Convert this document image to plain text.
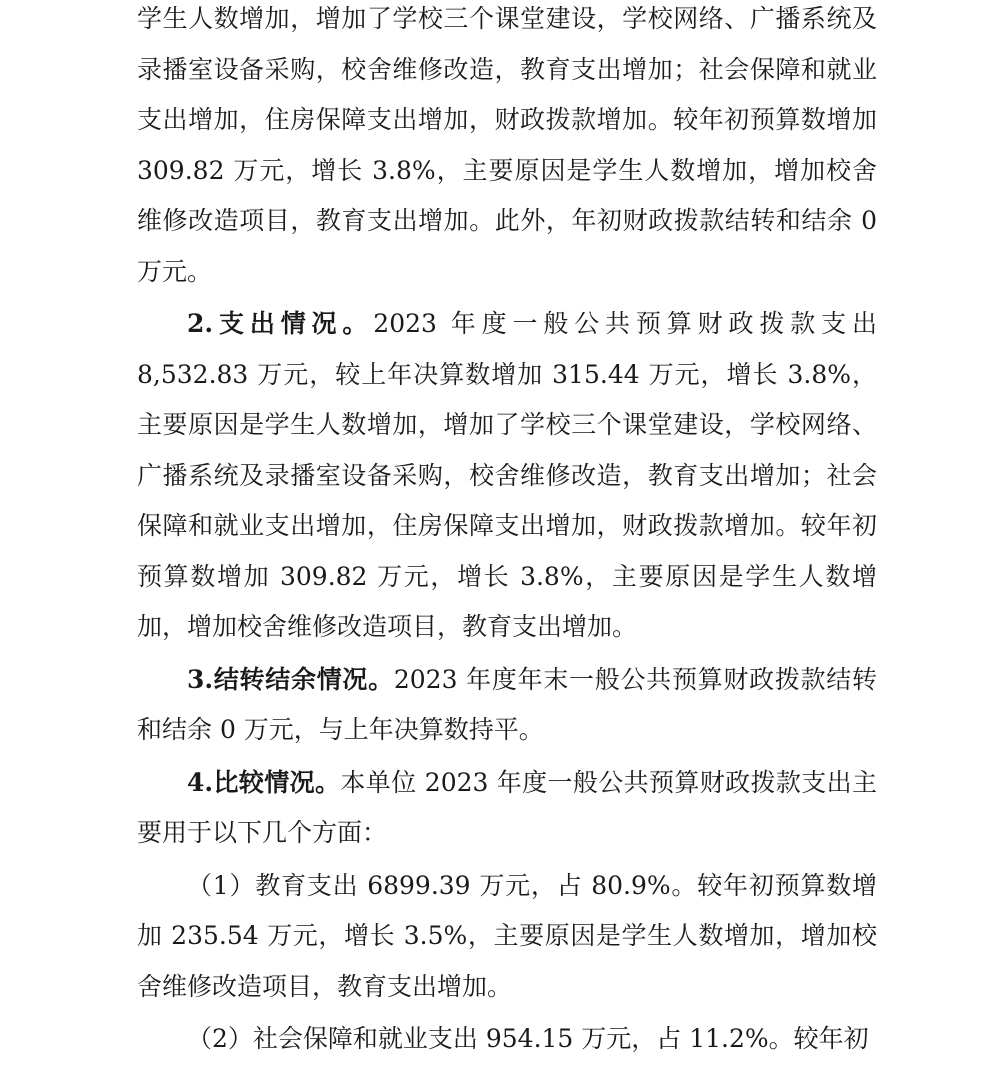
学生人数增加，增加了学校三个课堂建设，学校网络、广播系统及录播室设备采购，校舍维修改造，教育支出增加；社会保障和就业支出增加，住房保障支出增加，财政拨款增加。较年初预算数增加 309.82 万元，增长 3.8%，主要原因是学生人数增加，增加校舍维修改造项目，教育支出增加。此外，年初财政拨款结转和结余 0 万元。

2.支出情况。2023 年度一般公共预算财政拨款支出 8,532.83 万元，较上年决算数增加 315.44 万元，增长 3.8%，主要原因是学生人数增加，增加了学校三个课堂建设，学校网络、广播系统及录播室设备采购，校舍维修改造，教育支出增加；社会保障和就业支出增加，住房保障支出增加，财政拨款增加。较年初预算数增加 309.82 万元，增长 3.8%，主要原因是学生人数增加，增加校舍维修改造项目，教育支出增加。

3.结转结余情况。2023 年度年末一般公共预算财政拨款结转和结余 0 万元，与上年决算数持平。

4.比较情况。本单位 2023 年度一般公共预算财政拨款支出主要用于以下几个方面：

（1）教育支出 6899.39 万元，占 80.9%。较年初预算数增加 235.54 万元，增长 3.5%，主要原因是学生人数增加，增加校舍维修改造项目，教育支出增加。

（2）社会保障和就业支出 954.15 万元，占 11.2%。较年初
